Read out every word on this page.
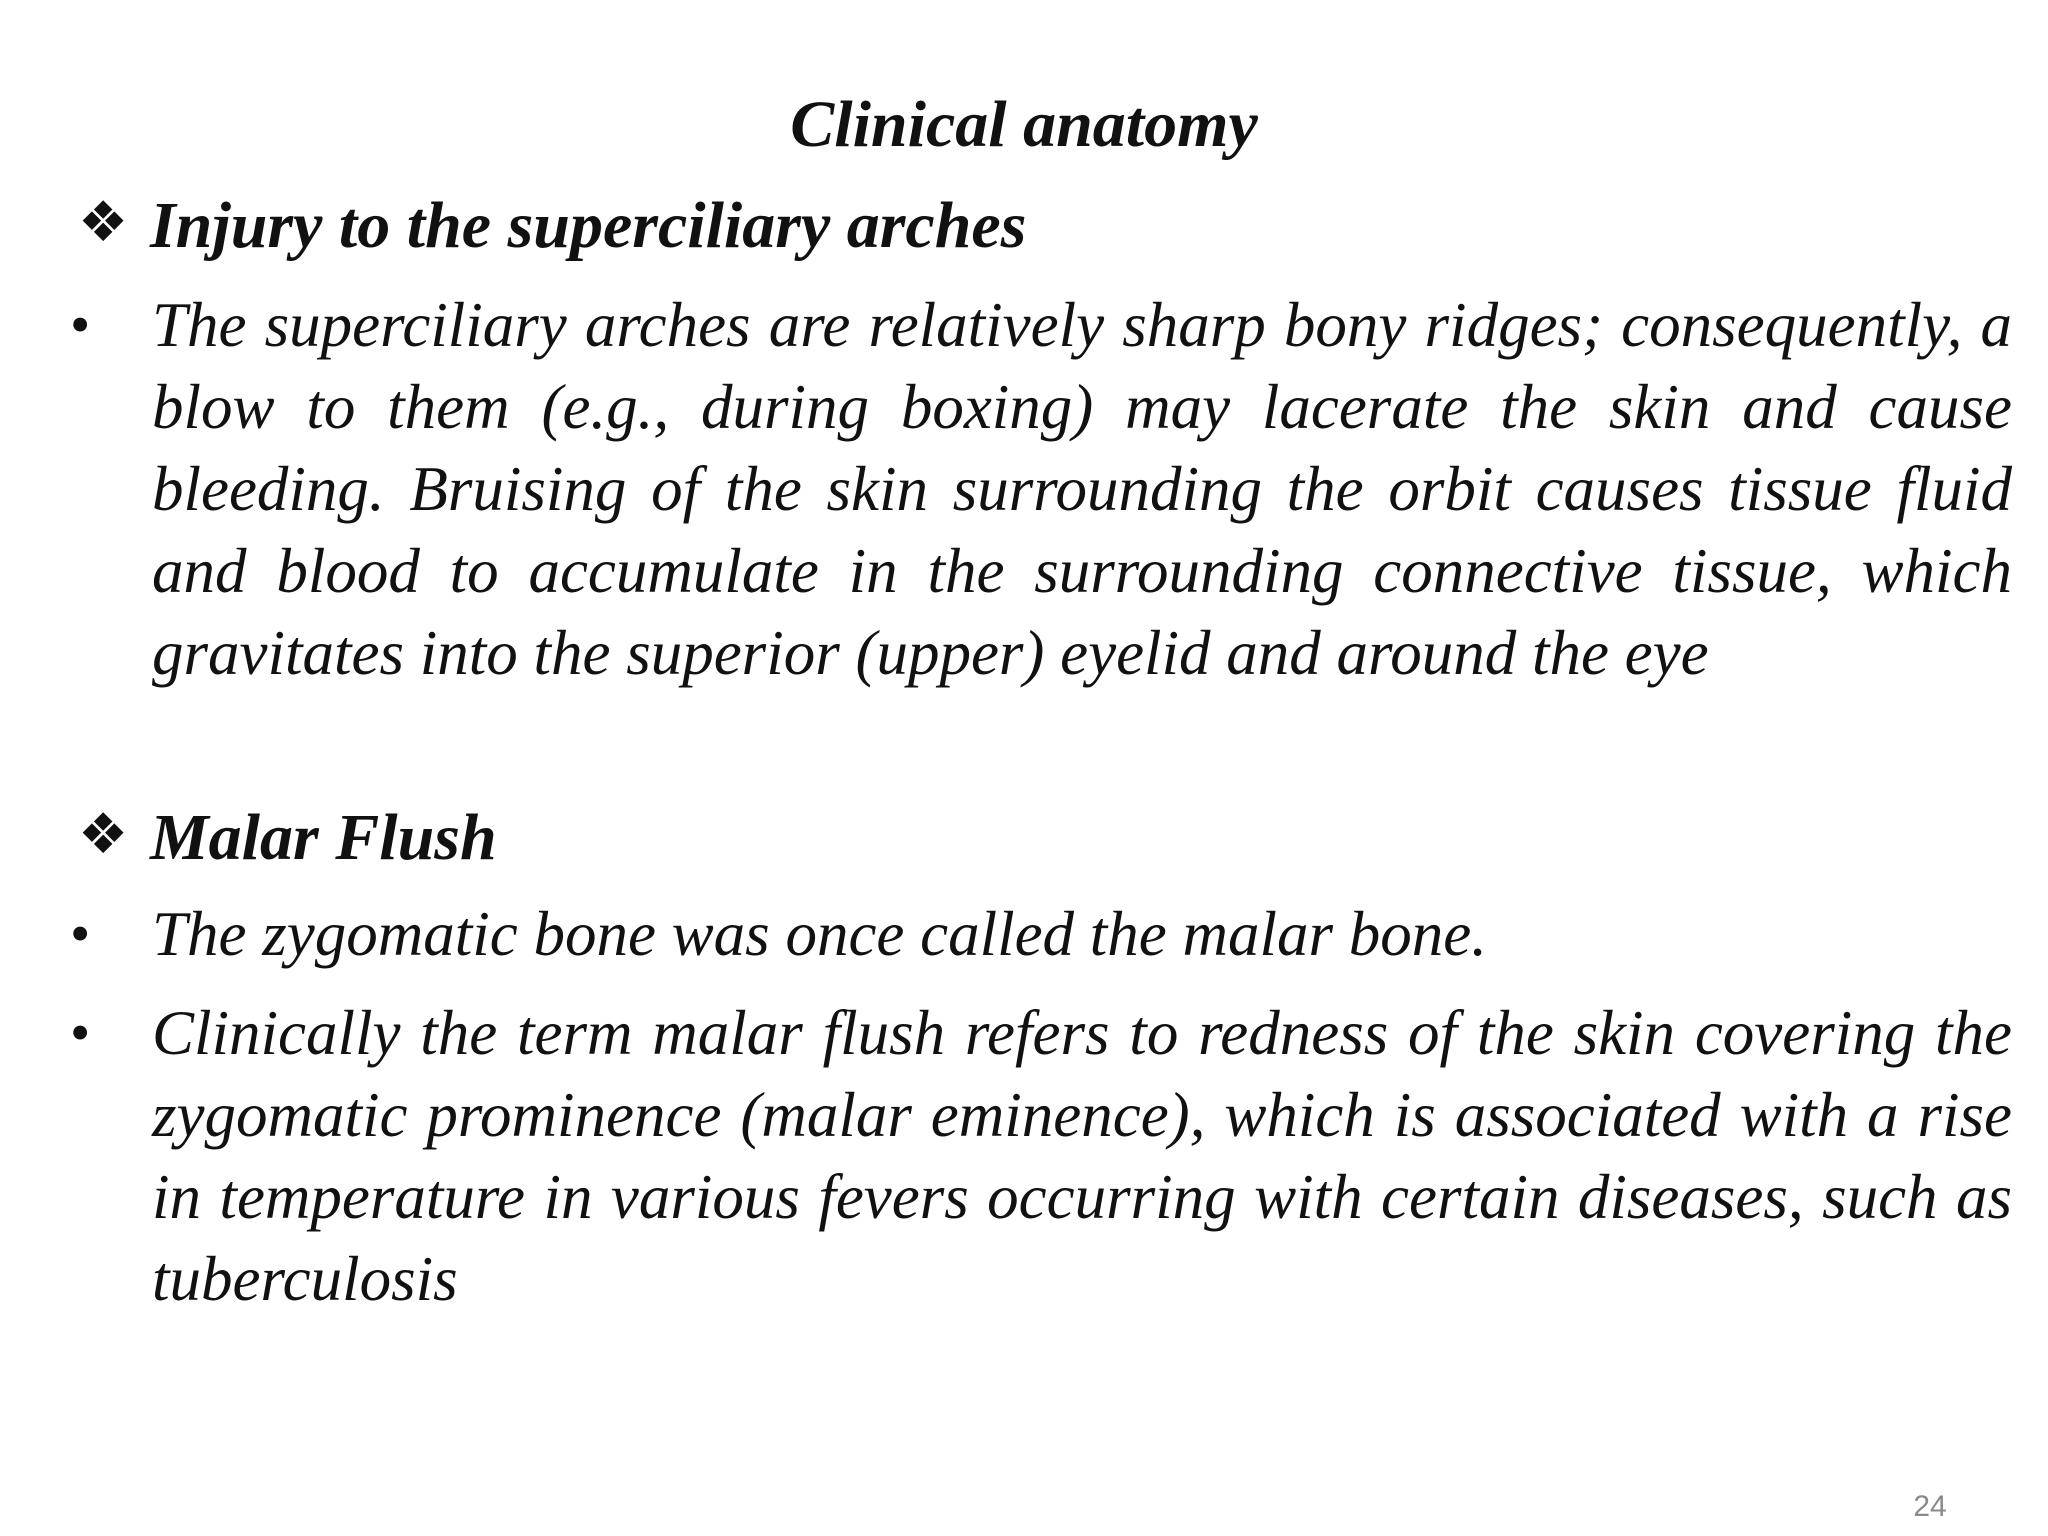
Clinical anatomy
❖ Injury to the superciliary arches
• The superciliary arches are relatively sharp bony ridges; consequently, a blow to them (e.g., during boxing) may lacerate the skin and cause bleeding. Bruising of the skin surrounding the orbit causes tissue fluid and blood to accumulate in the surrounding connective tissue, which gravitates into the superior (upper) eyelid and around the eye
❖ Malar Flush
• The zygomatic bone was once called the malar bone.
• Clinically the term malar flush refers to redness of the skin covering the zygomatic prominence (malar eminence), which is associated with a rise in temperature in various fevers occurring with certain diseases, such as tuberculosis
24
